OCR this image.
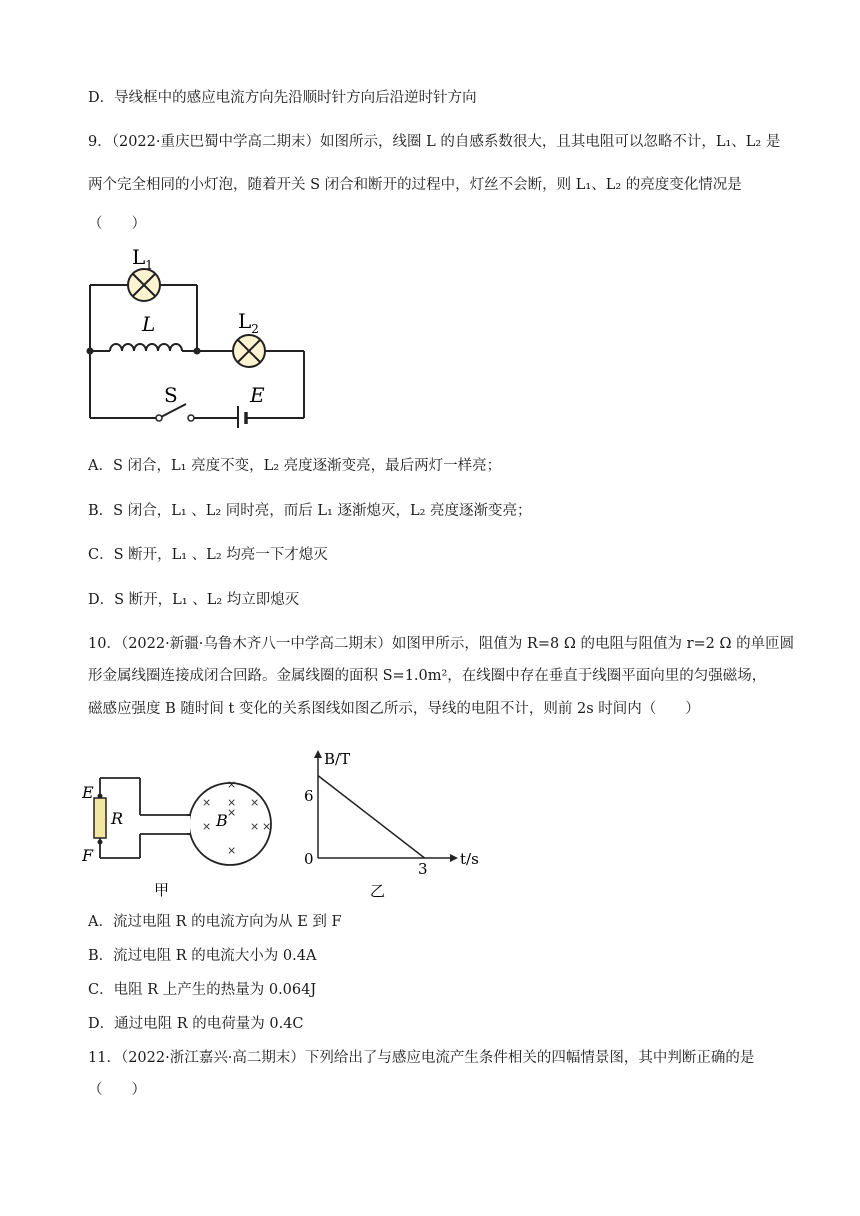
D．导线框中的感应电流方向先沿顺时针方向后沿逆时针方向
9．（2022·重庆巴蜀中学高二期末）如图所示，线圈 L 的自感系数很大，且其电阻可以忽略不计，L₁、L₂ 是
两个完全相同的小灯泡，随着开关 S 闭合和断开的过程中，灯丝不会断，则 L₁、L₂ 的亮度变化情况是
（　　）
$L_1$
L	$L_2$
S	E
A．S 闭合，L₁ 亮度不变，L₂ 亮度逐渐变亮，最后两灯一样亮；
B．S 闭合，L₁ 、L₂ 同时亮，而后 L₁ 逐渐熄灭，L₂ 亮度逐渐变亮；
C．S 断开，L₁ 、L₂ 均亮一下才熄灭
D．S 断开，L₁ 、L₂ 均立即熄灭
10．（2022·新疆·乌鲁木齐八一中学高二期末）如图甲所示，阻值为 R=8 Ω 的电阻与阻值为 r=2 Ω 的单匝圆
形金属线圈连接成闭合回路。金属线圈的面积 S=1.0m²，在线圈中存在垂直于线圈平面向里的匀强磁场，
磁感应强度 B 随时间 t 变化的关系图线如图乙所示，导线的电阻不计，则前 2s 时间内（　　）
E
F
R	B
×
× × ×
×	×
×
×
×
甲
B/T
t/s
0
6
3
乙
A．流过电阻 R 的电流方向为从 E 到 F
B．流过电阻 R 的电流大小为 0.4A
C．电阻 R 上产生的热量为 0.064J
D．通过电阻 R 的电荷量为 0.4C
11．（2022·浙江嘉兴·高二期末）下列给出了与感应电流产生条件相关的四幅情景图，其中判断正确的是
（　　）
